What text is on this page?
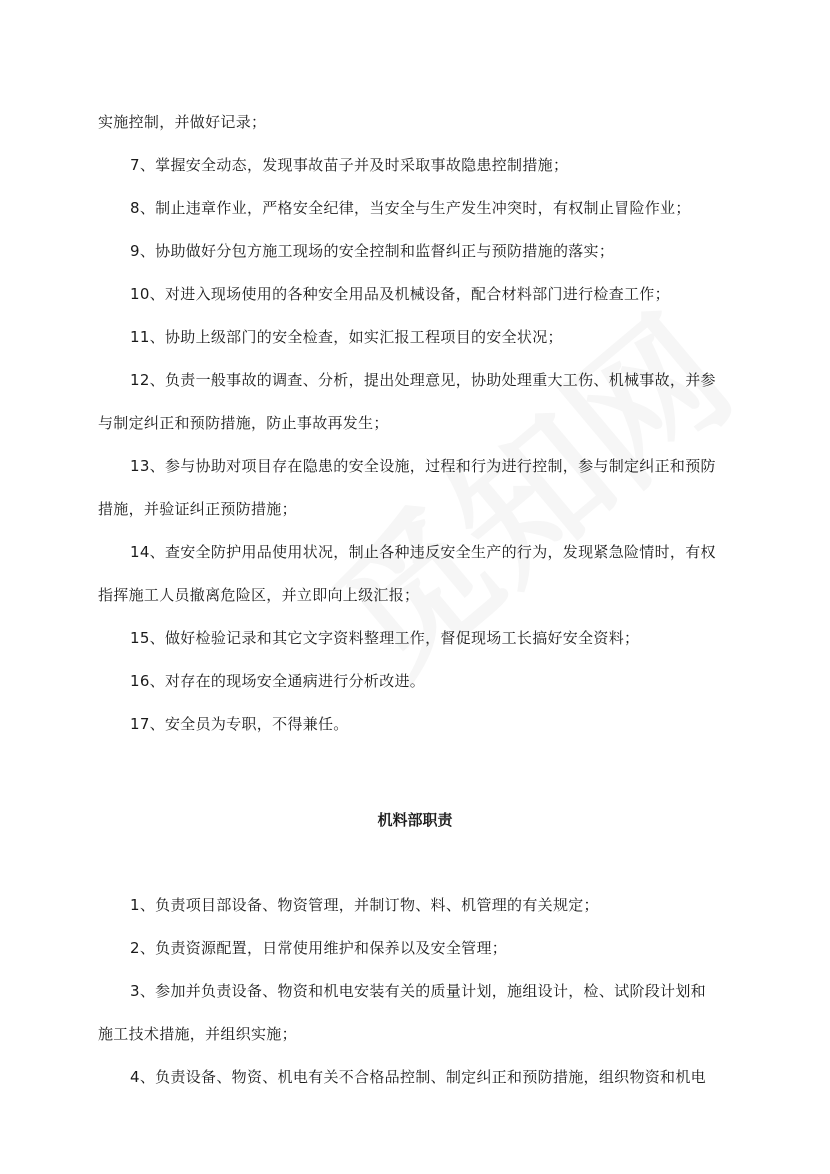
实施控制，并做好记录；
7、掌握安全动态，发现事故苗子并及时采取事故隐患控制措施；
8、制止违章作业，严格安全纪律，当安全与生产发生冲突时，有权制止冒险作业；
9、协助做好分包方施工现场的安全控制和监督纠正与预防措施的落实；
10、对进入现场使用的各种安全用品及机械设备，配合材料部门进行检查工作；
11、协助上级部门的安全检查，如实汇报工程项目的安全状况；
12、负责一般事故的调查、分析，提出处理意见，协助处理重大工伤、机械事故，并参
与制定纠正和预防措施，防止事故再发生；
13、参与协助对项目存在隐患的安全设施，过程和行为进行控制，参与制定纠正和预防
措施，并验证纠正预防措施；
14、查安全防护用品使用状况，制止各种违反安全生产的行为，发现紧急险情时，有权
指挥施工人员撤离危险区，并立即向上级汇报；
15、做好检验记录和其它文字资料整理工作，督促现场工长搞好安全资料；
16、对存在的现场安全通病进行分析改进。
17、安全员为专职，不得兼任。
机料部职责
1、负责项目部设备、物资管理，并制订物、料、机管理的有关规定；
2、负责资源配置，日常使用维护和保养以及安全管理；
3、参加并负责设备、物资和机电安装有关的质量计划，施组设计，检、试阶段计划和
施工技术措施，并组织实施；
4、负责设备、物资、机电有关不合格品控制、制定纠正和预防措施，组织物资和机电
